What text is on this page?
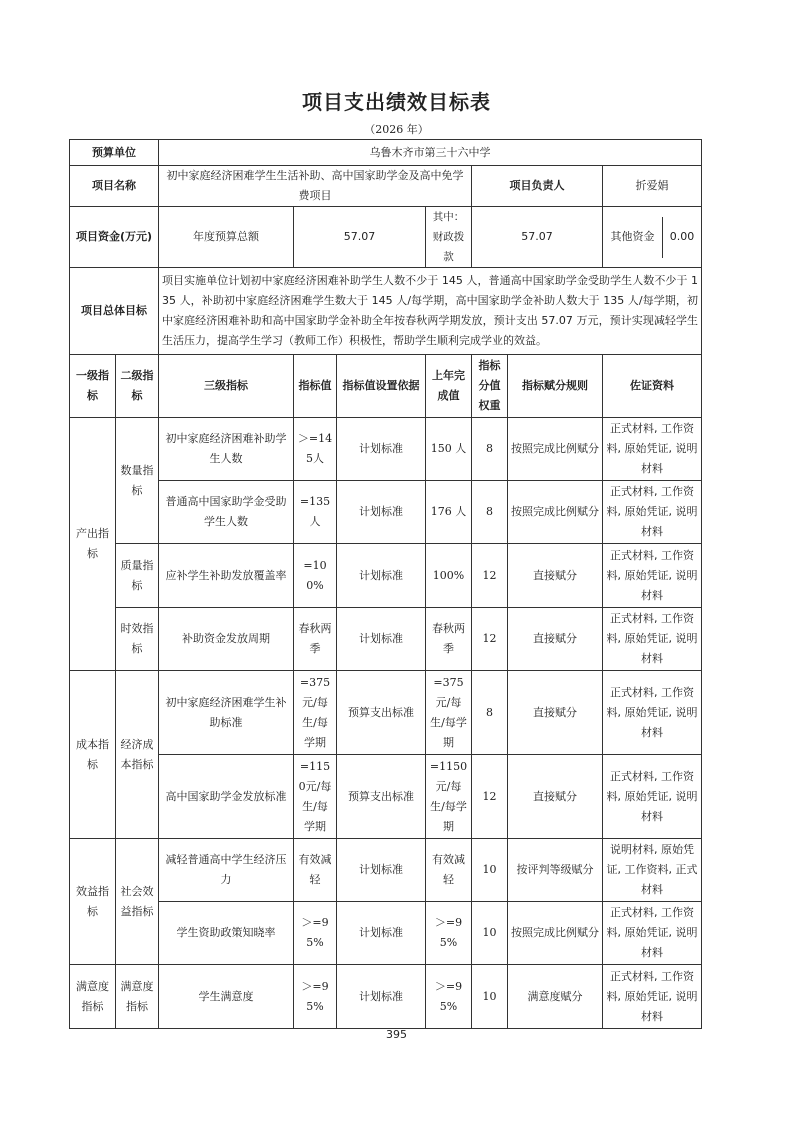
项目支出绩效目标表
（2026 年）
预算单位		乌鲁木齐市第三十六中学						
项目名称		初中家庭经济困难学生生活补助、高中国家助学金及高中免学费项目				项目负责人		折爱娟
项目资金(万元)		年度预算总额	57.07		其中：财政拨款	57.07		其他资金 0.00

项目总体目标		项目实施单位计划初中家庭经济困难补助学生人数不少于 145 人，普通高中国家助学金受助学生人数不少于 135 人，补助初中家庭经济困难学生数大于 145 人/每学期，高中国家助学金补助人数大于 135 人/每学期，初中家庭经济困难补助和高中国家助学金补助全年按春秋两学期发放，预计支出 57.07 万元，预计实现减轻学生生活压力，提高学生学习（教师工作）积极性，帮助学生顺利完成学业的效益。						
一级指标	二级指标	三级指标	指标值	指标值设置依据	上年完成值	指标分值权重	指标赋分规则	佐证资料
产出指标	数量指标	初中家庭经济困难补助学生人数	＞=145人	计划标准	150 人	8	按照完成比例赋分	正式材料, 工作资料, 原始凭证, 说明材料
		普通高中国家助学金受助学生人数	=135人	计划标准	176 人	8	按照完成比例赋分	正式材料, 工作资料, 原始凭证, 说明材料
	质量指标	应补学生补助发放覆盖率	=100%	计划标准	100%	12	直接赋分	正式材料, 工作资料, 原始凭证, 说明材料
	时效指标	补助资金发放周期	春秋两季	计划标准	春秋两季	12	直接赋分	正式材料, 工作资料, 原始凭证, 说明材料
成本指标	经济成本指标	初中家庭经济困难学生补助标准	=375元/每生/每学期	预算支出标准	=375元/每生/每学期	8	直接赋分	正式材料, 工作资料, 原始凭证, 说明材料
		高中国家助学金发放标准	=1150元/每生/每学期	预算支出标准	=1150元/每生/每学期	12	直接赋分	正式材料, 工作资料, 原始凭证, 说明材料
效益指标	社会效益指标	减轻普通高中学生经济压力	有效减轻	计划标准	有效减轻	10	按评判等级赋分	说明材料, 原始凭证, 工作资料, 正式材料
		学生资助政策知晓率	＞=95%	计划标准	＞=95%	10	按照完成比例赋分	正式材料, 工作资料, 原始凭证, 说明材料
满意度指标	满意度指标	学生满意度	＞=95%	计划标准	＞=95%	10	满意度赋分	正式材料, 工作资料, 原始凭证, 说明材料
395
